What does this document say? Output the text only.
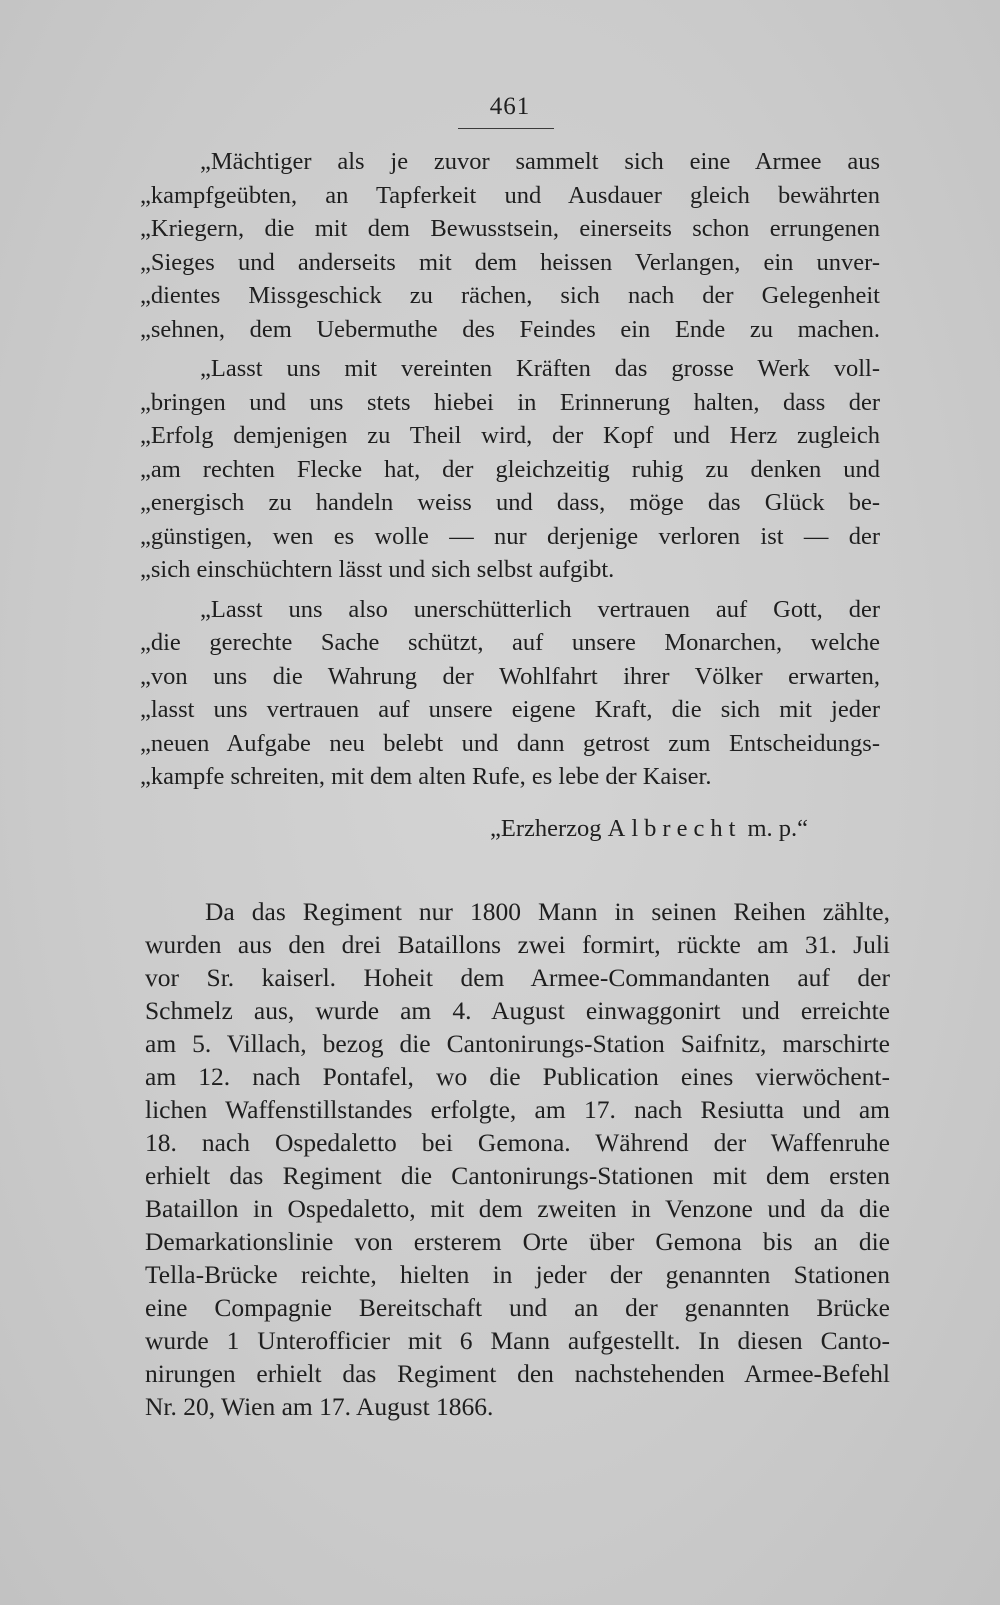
461
„Mächtiger als je zuvor sammelt sich eine Armee aus
„kampfgeübten, an Tapferkeit und Ausdauer gleich bewährten
„Kriegern, die mit dem Bewusstsein, einerseits schon errungenen
„Sieges und anderseits mit dem heissen Verlangen, ein unver-
„dientes Missgeschick zu rächen, sich nach der Gelegenheit
„sehnen, dem Uebermuthe des Feindes ein Ende zu machen.
„Lasst uns mit vereinten Kräften das grosse Werk voll-
„bringen und uns stets hiebei in Erinnerung halten, dass der
„Erfolg demjenigen zu Theil wird, der Kopf und Herz zugleich
„am rechten Flecke hat, der gleichzeitig ruhig zu denken und
„energisch zu handeln weiss und dass, möge das Glück be-
„günstigen, wen es wolle — nur derjenige verloren ist — der
„sich einschüchtern lässt und sich selbst aufgibt.
„Lasst uns also unerschütterlich vertrauen auf Gott, der
„die gerechte Sache schützt, auf unsere Monarchen, welche
„von uns die Wahrung der Wohlfahrt ihrer Völker erwarten,
„lasst uns vertrauen auf unsere eigene Kraft, die sich mit jeder
„neuen Aufgabe neu belebt und dann getrost zum Entscheidungs-
„kampfe schreiten, mit dem alten Rufe, es lebe der Kaiser.
„Erzherzog Albrecht m. p.“
Da das Regiment nur 1800 Mann in seinen Reihen zählte,
wurden aus den drei Bataillons zwei formirt, rückte am 31. Juli
vor Sr. kaiserl. Hoheit dem Armee-Commandanten auf der
Schmelz aus, wurde am 4. August einwaggonirt und erreichte
am 5. Villach, bezog die Cantonirungs-Station Saifnitz, marschirte
am 12. nach Pontafel, wo die Publication eines vierwöchent-
lichen Waffenstillstandes erfolgte, am 17. nach Resiutta und am
18. nach Ospedaletto bei Gemona. Während der Waffenruhe
erhielt das Regiment die Cantonirungs-Stationen mit dem ersten
Bataillon in Ospedaletto, mit dem zweiten in Venzone und da die
Demarkationslinie von ersterem Orte über Gemona bis an die
Tella-Brücke reichte, hielten in jeder der genannten Stationen
eine Compagnie Bereitschaft und an der genannten Brücke
wurde 1 Unterofficier mit 6 Mann aufgestellt. In diesen Canto-
nirungen erhielt das Regiment den nachstehenden Armee-Befehl
Nr. 20, Wien am 17. August 1866.
